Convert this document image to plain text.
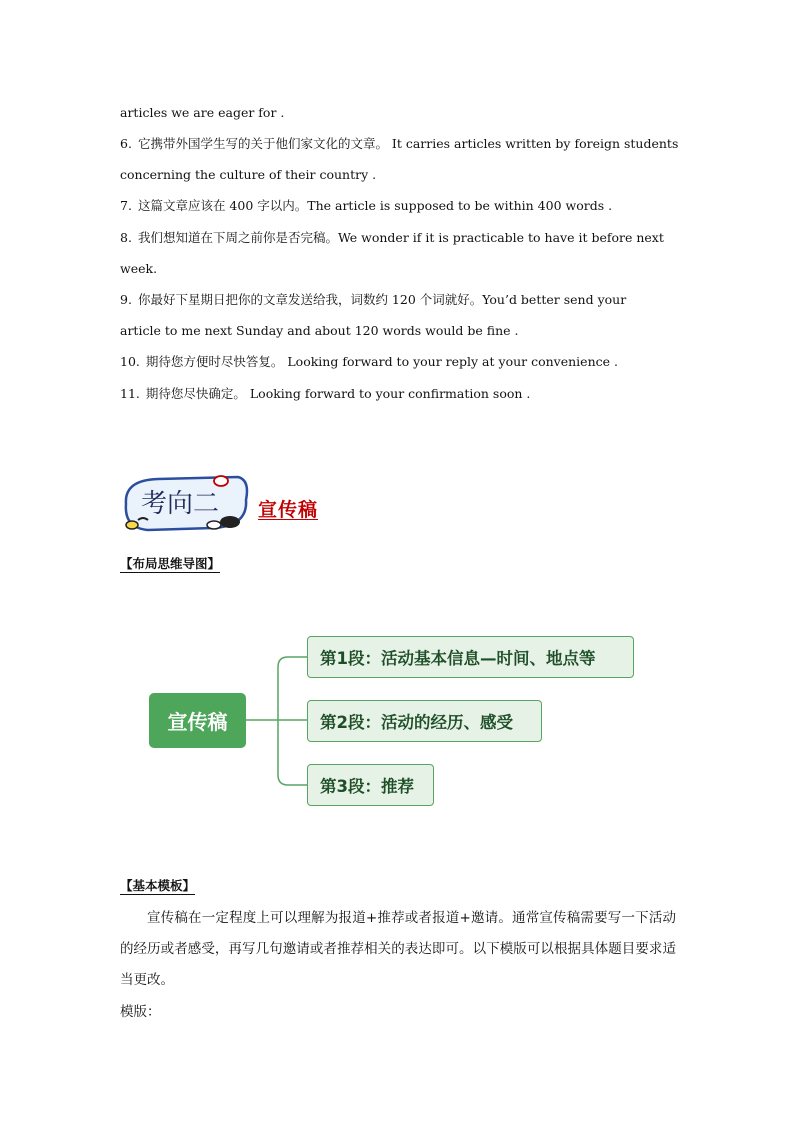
articles we are eager for .
6. 它携带外国学生写的关于他们家文化的文章。 It carries articles written by foreign students
concerning the culture of their country .
7. 这篇文章应该在 400 字以内。The article is supposed to be within 400 words .
8. 我们想知道在下周之前你是否完稿。We wonder if it is practicable to have it before next
week.
9. 你最好下星期日把你的文章发送给我，词数约 120 个词就好。You’d better send your
article to me next Sunday and about 120 words would be fine .
10. 期待您方便时尽快答复。 Looking forward to your reply at your convenience .
11. 期待您尽快确定。 Looking forward to your confirmation soon .
考向二 宣传稿
【布局思维导图】
宣传稿
第1段：活动基本信息—时间、地点等
第2段：活动的经历、感受
第3段：推荐
【基本模板】

宣传稿在一定程度上可以理解为报道+推荐或者报道+邀请。通常宣传稿需要写一下活动的经历或者感受，再写几句邀请或者推荐相关的表达即可。以下模版可以根据具体题目要求适当更改。

模版：
